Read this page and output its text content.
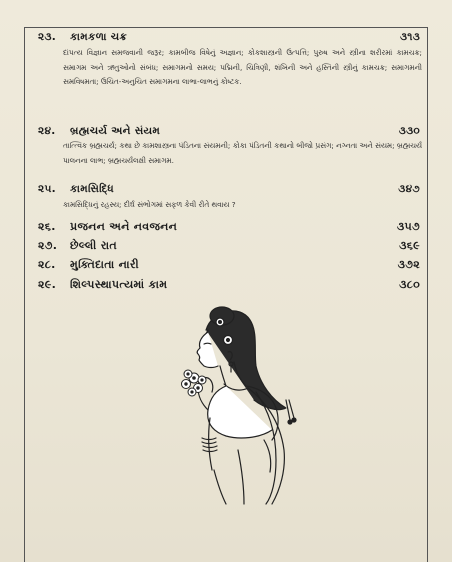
૨૩.	કામકળા ચક્ર	૩૧૩
દાંપત્ય વિજ્ઞાન સમજવાની જરૂર; કામબીજ વિષેનું અજ્ઞાન; કોકશાસ્ત્રની ઉત્પત્તિ; પુરુષ અને સ્ત્રીના શરીરમાં કામચક્ર; સમાગમ અને ઋતુઓનો સંબંધ; સમાગમનો સમય; પદ્મિની, ચિત્રિણી, શંખિની અને હસ્તિની સ્ત્રીનું કામચક્ર; સમાગમની સમવિષમતા; ઉચિત-અનુચિત સમાગમના લાભા-લાભનું કોષ્ટક.
૨૪.	બ્રહ્મચર્ય અને સંયમ	૩૩૦
તાત્ત્વિક બ્રહ્મચર્ય; કથા છે કામશાસ્ત્રના પંડિતના સંયમની; કોકા પંડિતની કથાનો બીજો પ્રસંગ; નગ્નતા અને સંયમ; બ્રહ્મચર્ય પાલનના લાભ; બ્રહ્મચર્યલક્ષી સમાગમ.
૨૫.	કામસિદ્ધિ	૩૪૭
કામસિદ્ધિનું રહસ્ય; દીર્ઘ સંભોગમાં સફળ કેવી રીતે થવાય ?
૨૬.	પ્રજનન અને નવજનન	૩૫૭
૨૭. છેલ્લી રાત	૩૬૯
૨૮.	મુક્તિદાતા નારી	૩૭૨
૨૯.	શિલ્પસ્થાપત્યમાં કામ	૩૮૦
